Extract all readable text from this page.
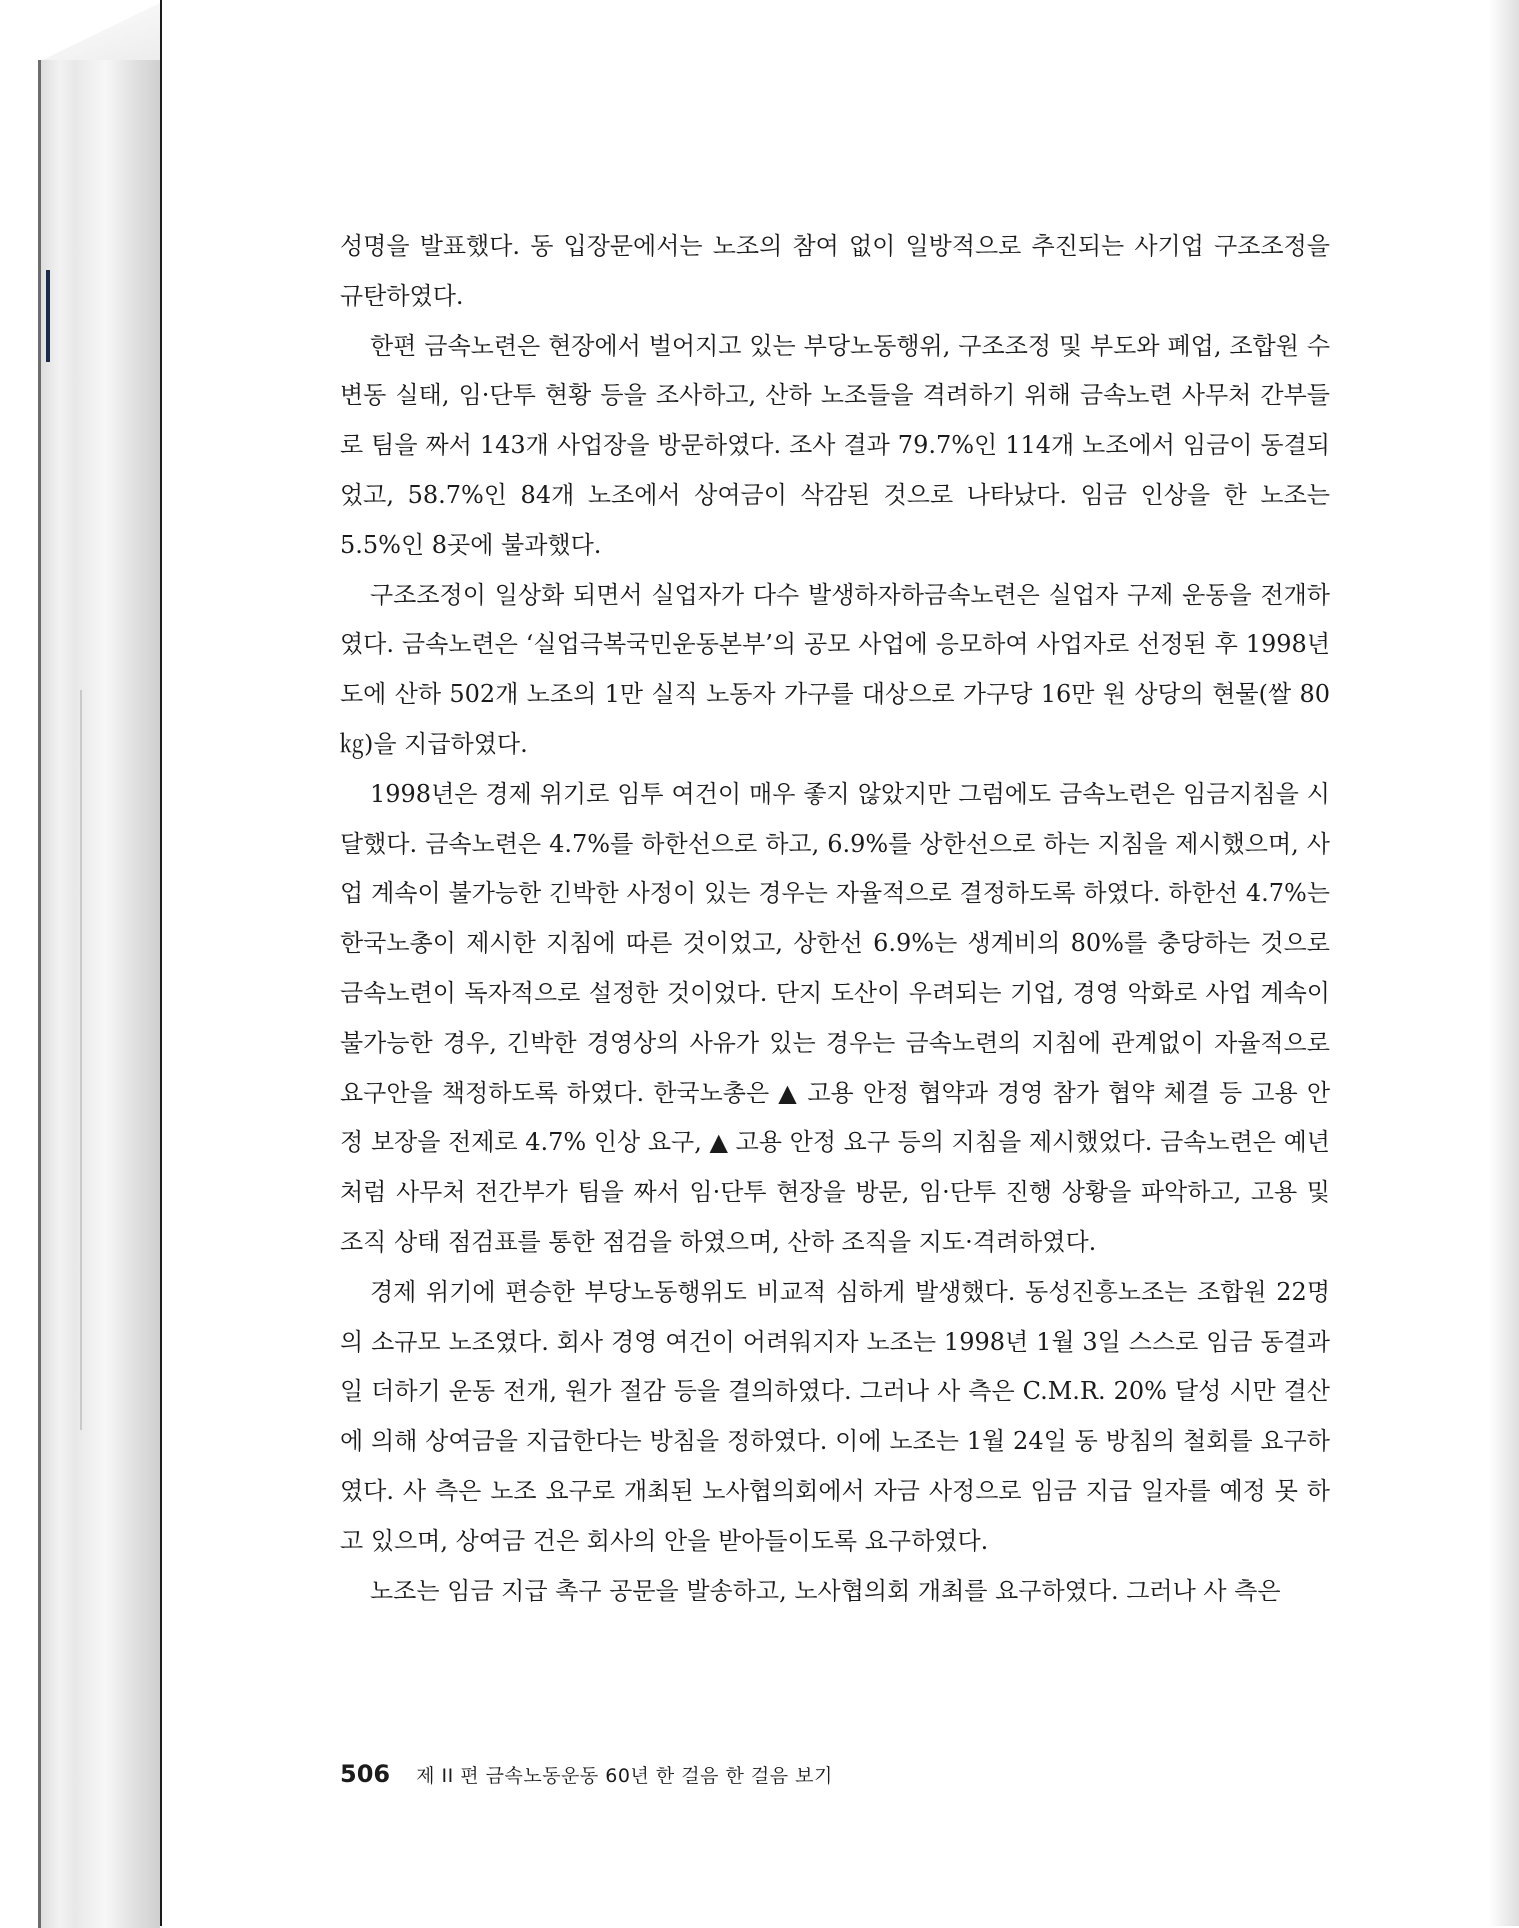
성명을 발표했다. 동 입장문에서는 노조의 참여 없이 일방적으로 추진되는 사기업 구조조정을 규탄하였다.

한편 금속노련은 현장에서 벌어지고 있는 부당노동행위, 구조조정 및 부도와 폐업, 조합원 수 변동 실태, 임·단투 현황 등을 조사하고, 산하 노조들을 격려하기 위해 금속노련 사무처 간부들로 팀을 짜서 143개 사업장을 방문하였다. 조사 결과 79.7%인 114개 노조에서 임금이 동결되었고, 58.7%인 84개 노조에서 상여금이 삭감된 것으로 나타났다. 임금 인상을 한 노조는 5.5%인 8곳에 불과했다.

구조조정이 일상화 되면서 실업자가 다수 발생하자하금속노련은 실업자 구제 운동을 전개하였다. 금속노련은 ‘실업극복국민운동본부’의 공모 사업에 응모하여 사업자로 선정된 후 1998년도에 산하 502개 노조의 1만 실직 노동자 가구를 대상으로 가구당 16만 원 상당의 현물(쌀 80㎏)을 지급하였다.

1998년은 경제 위기로 임투 여건이 매우 좋지 않았지만 그럼에도 금속노련은 임금지침을 시달했다. 금속노련은 4.7%를 하한선으로 하고, 6.9%를 상한선으로 하는 지침을 제시했으며, 사업 계속이 불가능한 긴박한 사정이 있는 경우는 자율적으로 결정하도록 하였다. 하한선 4.7%는 한국노총이 제시한 지침에 따른 것이었고, 상한선 6.9%는 생계비의 80%를 충당하는 것으로 금속노련이 독자적으로 설정한 것이었다. 단지 도산이 우려되는 기업, 경영 악화로 사업 계속이 불가능한 경우, 긴박한 경영상의 사유가 있는 경우는 금속노련의 지침에 관계없이 자율적으로 요구안을 책정하도록 하였다. 한국노총은 ▲ 고용 안정 협약과 경영 참가 협약 체결 등 고용 안정 보장을 전제로 4.7% 인상 요구, ▲ 고용 안정 요구 등의 지침을 제시했었다. 금속노련은 예년처럼 사무처 전간부가 팀을 짜서 임·단투 현장을 방문, 임·단투 진행 상황을 파악하고, 고용 및 조직 상태 점검표를 통한 점검을 하였으며, 산하 조직을 지도·격려하였다.

경제 위기에 편승한 부당노동행위도 비교적 심하게 발생했다. 동성진흥노조는 조합원 22명의 소규모 노조였다. 회사 경영 여건이 어려워지자 노조는 1998년 1월 3일 스스로 임금 동결과 일 더하기 운동 전개, 원가 절감 등을 결의하였다. 그러나 사 측은 C.M.R. 20% 달성 시만 결산에 의해 상여금을 지급한다는 방침을 정하였다. 이에 노조는 1월 24일 동 방침의 철회를 요구하였다. 사 측은 노조 요구로 개최된 노사협의회에서 자금 사정으로 임금 지급 일자를 예정 못 하고 있으며, 상여금 건은 회사의 안을 받아들이도록 요구하였다.

노조는 임금 지급 촉구 공문을 발송하고, 노사협의회 개최를 요구하였다. 그러나 사 측은

506 제 II 편 금속노동운동 60년 한 걸음 한 걸음 보기
